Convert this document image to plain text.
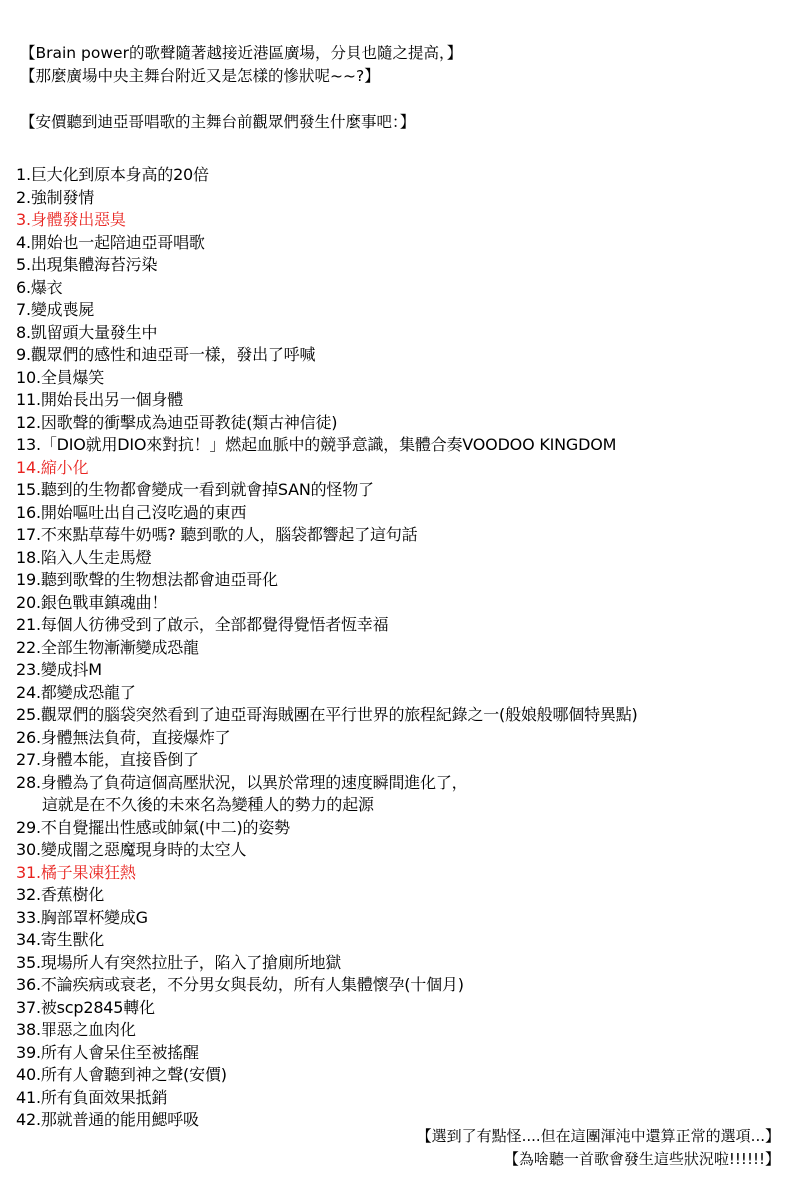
【Brain power的歌聲隨著越接近港區廣場，分貝也隨之提高，】
【那麼廣場中央主舞台附近又是怎樣的慘狀呢~~?】
【安價聽到迪亞哥唱歌的主舞台前觀眾們發生什麼事吧：】
1.巨大化到原本身高的20倍
2.強制發情
3.身體發出惡臭
4.開始也一起陪迪亞哥唱歌
5.出現集體海苔污染
6.爆衣
7.變成喪屍
8.凱留頭大量發生中
9.觀眾們的感性和迪亞哥一樣，發出了呼喊
10.全員爆笑
11.開始長出另一個身體
12.因歌聲的衝擊成為迪亞哥教徒(類古神信徒)
13.「DIO就用DIO來對抗！」燃起血脈中的競爭意識，集體合奏VOODOO KINGDOM
14.縮小化
15.聽到的生物都會變成一看到就會掉SAN的怪物了
16.開始嘔吐出自己沒吃過的東西
17.不來點草莓牛奶嗎? 聽到歌的人，腦袋都響起了這句話
18.陷入人生走馬燈
19.聽到歌聲的生物想法都會迪亞哥化
20.銀色戰車鎮魂曲！
21.每個人彷彿受到了啟示，全部都覺得覺悟者恆幸福
22.全部生物漸漸變成恐龍
23.變成抖M
24.都變成恐龍了
25.觀眾們的腦袋突然看到了迪亞哥海賊團在平行世界的旅程紀錄之一(般娘般哪個特異點)
26.身體無法負荷，直接爆炸了
27.身體本能，直接昏倒了
28.身體為了負荷這個高壓狀況，以異於常理的速度瞬間進化了，
這就是在不久後的未來名為變種人的勢力的起源
29.不自覺擺出性感或帥氣(中二)的姿勢
30.變成闇之惡魔現身時的太空人
31.橘子果凍狂熱
32.香蕉樹化
33.胸部罩杯變成G
34.寄生獸化
35.現場所人有突然拉肚子，陷入了搶廁所地獄
36.不論疾病或衰老，不分男女與長幼，所有人集體懷孕(十個月)
37.被scp2845轉化
38.罪惡之血肉化
39.所有人會呆住至被搖醒
40.所有人會聽到神之聲(安價)
41.所有負面效果抵銷
42.那就普通的能用鰓呼吸
【選到了有點怪....但在這團渾沌中還算正常的選項...】
【為啥聽一首歌會發生這些狀況啦!!!!!!】
